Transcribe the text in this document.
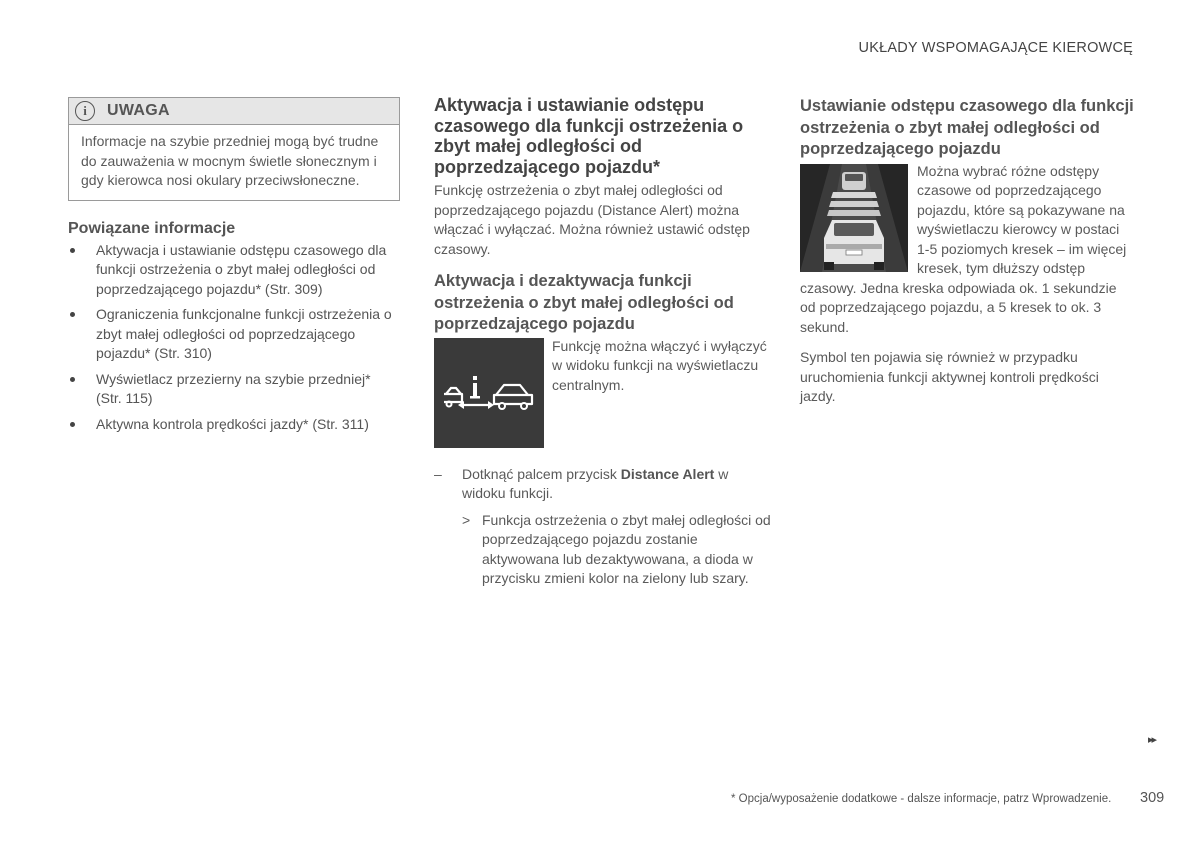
UKŁADY WSPOMAGAJĄCE KIEROWCĘ
i	UWAGA
Informacje na szybie przedniej mogą być trudne do zauważenia w mocnym świetle słonecznym i gdy kierowca nosi okulary przeciwsłoneczne.
Powiązane informacje
Aktywacja i ustawianie odstępu czasowego dla funkcji ostrzeżenia o zbyt małej odległości od poprzedzającego pojazdu* (Str. 309)
Ograniczenia funkcjonalne funkcji ostrzeżenia o zbyt małej odległości od poprzedzającego pojazdu* (Str. 310)
Wyświetlacz przezierny na szybie przedniej* (Str. 115)
Aktywna kontrola prędkości jazdy* (Str. 311)
Aktywacja i ustawianie odstępu czasowego dla funkcji ostrzeżenia o zbyt małej odległości od poprzedzającego pojazdu*

Funkcję ostrzeżenia o zbyt małej odległości od poprzedzającego pojazdu (Distance Alert) można włączać i wyłączać. Można również ustawić odstęp czasowy.

Aktywacja i dezaktywacja funkcji ostrzeżenia o zbyt małej odległości od poprzedzającego pojazdu

Funkcję można włączyć i wyłączyć w widoku funkcji na wyświetlaczu centralnym.

– Dotknąć palcem przycisk Distance Alert w widoku funkcji.
> Funkcja ostrzeżenia o zbyt małej odległości od poprzedzającego pojazdu zostanie aktywowana lub dezaktywowana, a dioda w przycisku zmieni kolor na zielony lub szary.
Ustawianie odstępu czasowego dla funkcji ostrzeżenia o zbyt małej odległości od poprzedzającego pojazdu

Można wybrać różne odstępy czasowe od poprzedzającego pojazdu, które są pokazywane na wyświetlaczu kierowcy w postaci 1-5 poziomych kresek – im więcej kresek, tym dłuższy odstęp czasowy. Jedna kreska odpowiada ok. 1 sekundzie od poprzedzającego pojazdu, a 5 kresek to ok. 3 sekund.

Symbol ten pojawia się również w przypadku uruchomienia funkcji aktywnej kontroli prędkości jazdy.

▸▸
* Opcja/wyposażenie dodatkowe - dalsze informacje, patrz Wprowadzenie. 309
